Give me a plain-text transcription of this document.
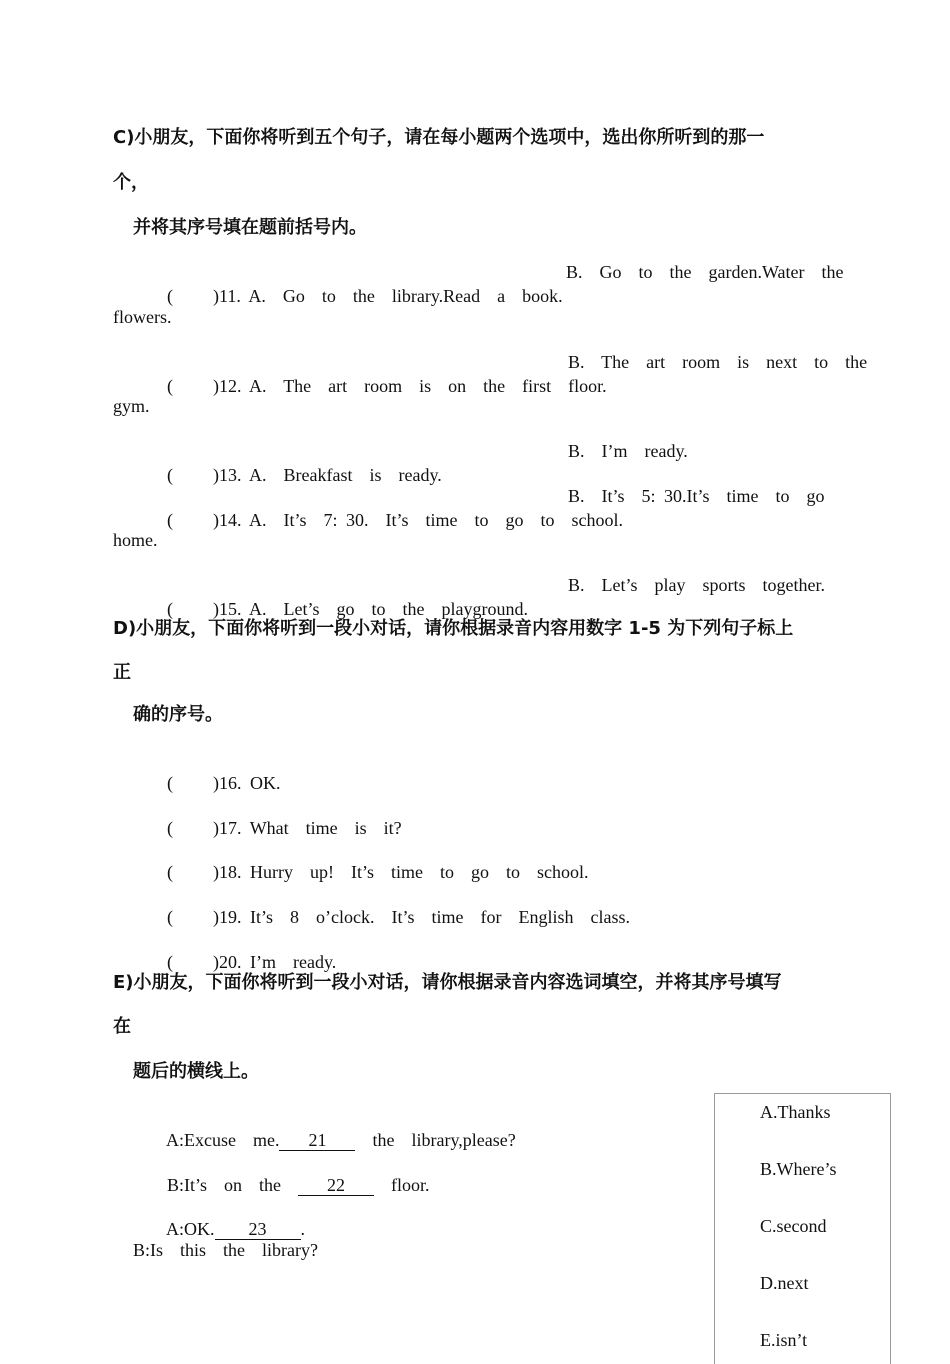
C)小朋友，下面你将听到五个句子，请在每小题两个选项中，选出你所听到的那一
个，
并将其序号填在题前括号内。

( )11. A.  Go  to  the  library.Read  a  book.

B.  Go  to  the  garden.Water  the
flowers.

( )12. A.  The  art  room  is  on  the  first  floor.

B.  The  art  room  is  next  to  the
gym.

( )13. A.  Breakfast  is  ready.

B.  I’m  ready.

( )14. A.  It’s  7: 30.  It’s  time  to  go  to  school.

B.  It’s  5: 30.It’s  time  to  go
home.

( )15. A.  Let’s  go  to  the  playground.

B.  Let’s  play  sports  together.
D)小朋友，下面你将听到一段小对话，请你根据录音内容用数字 1-5 为下列句子标上
正
确的序号。

( )16. OK.

( )17. What  time  is  it?

( )18. Hurry  up!  It’s  time  to  go  to  school.

( )19. It’s  8  o’clock.  It’s  time  for  English  class.

( )20. I’m  ready.

E)小朋友，下面你将听到一段小对话，请你根据录音内容选词填空，并将其序号填写
在
题后的横线上。

A:Excuse  me. 21	the  library,please?

B:It’s  on  the	22	floor.

A:OK. 23 .

B:Is  this  the  library?
A.Thanks
B.Where’s
C.second
D.next
E.isn’t
